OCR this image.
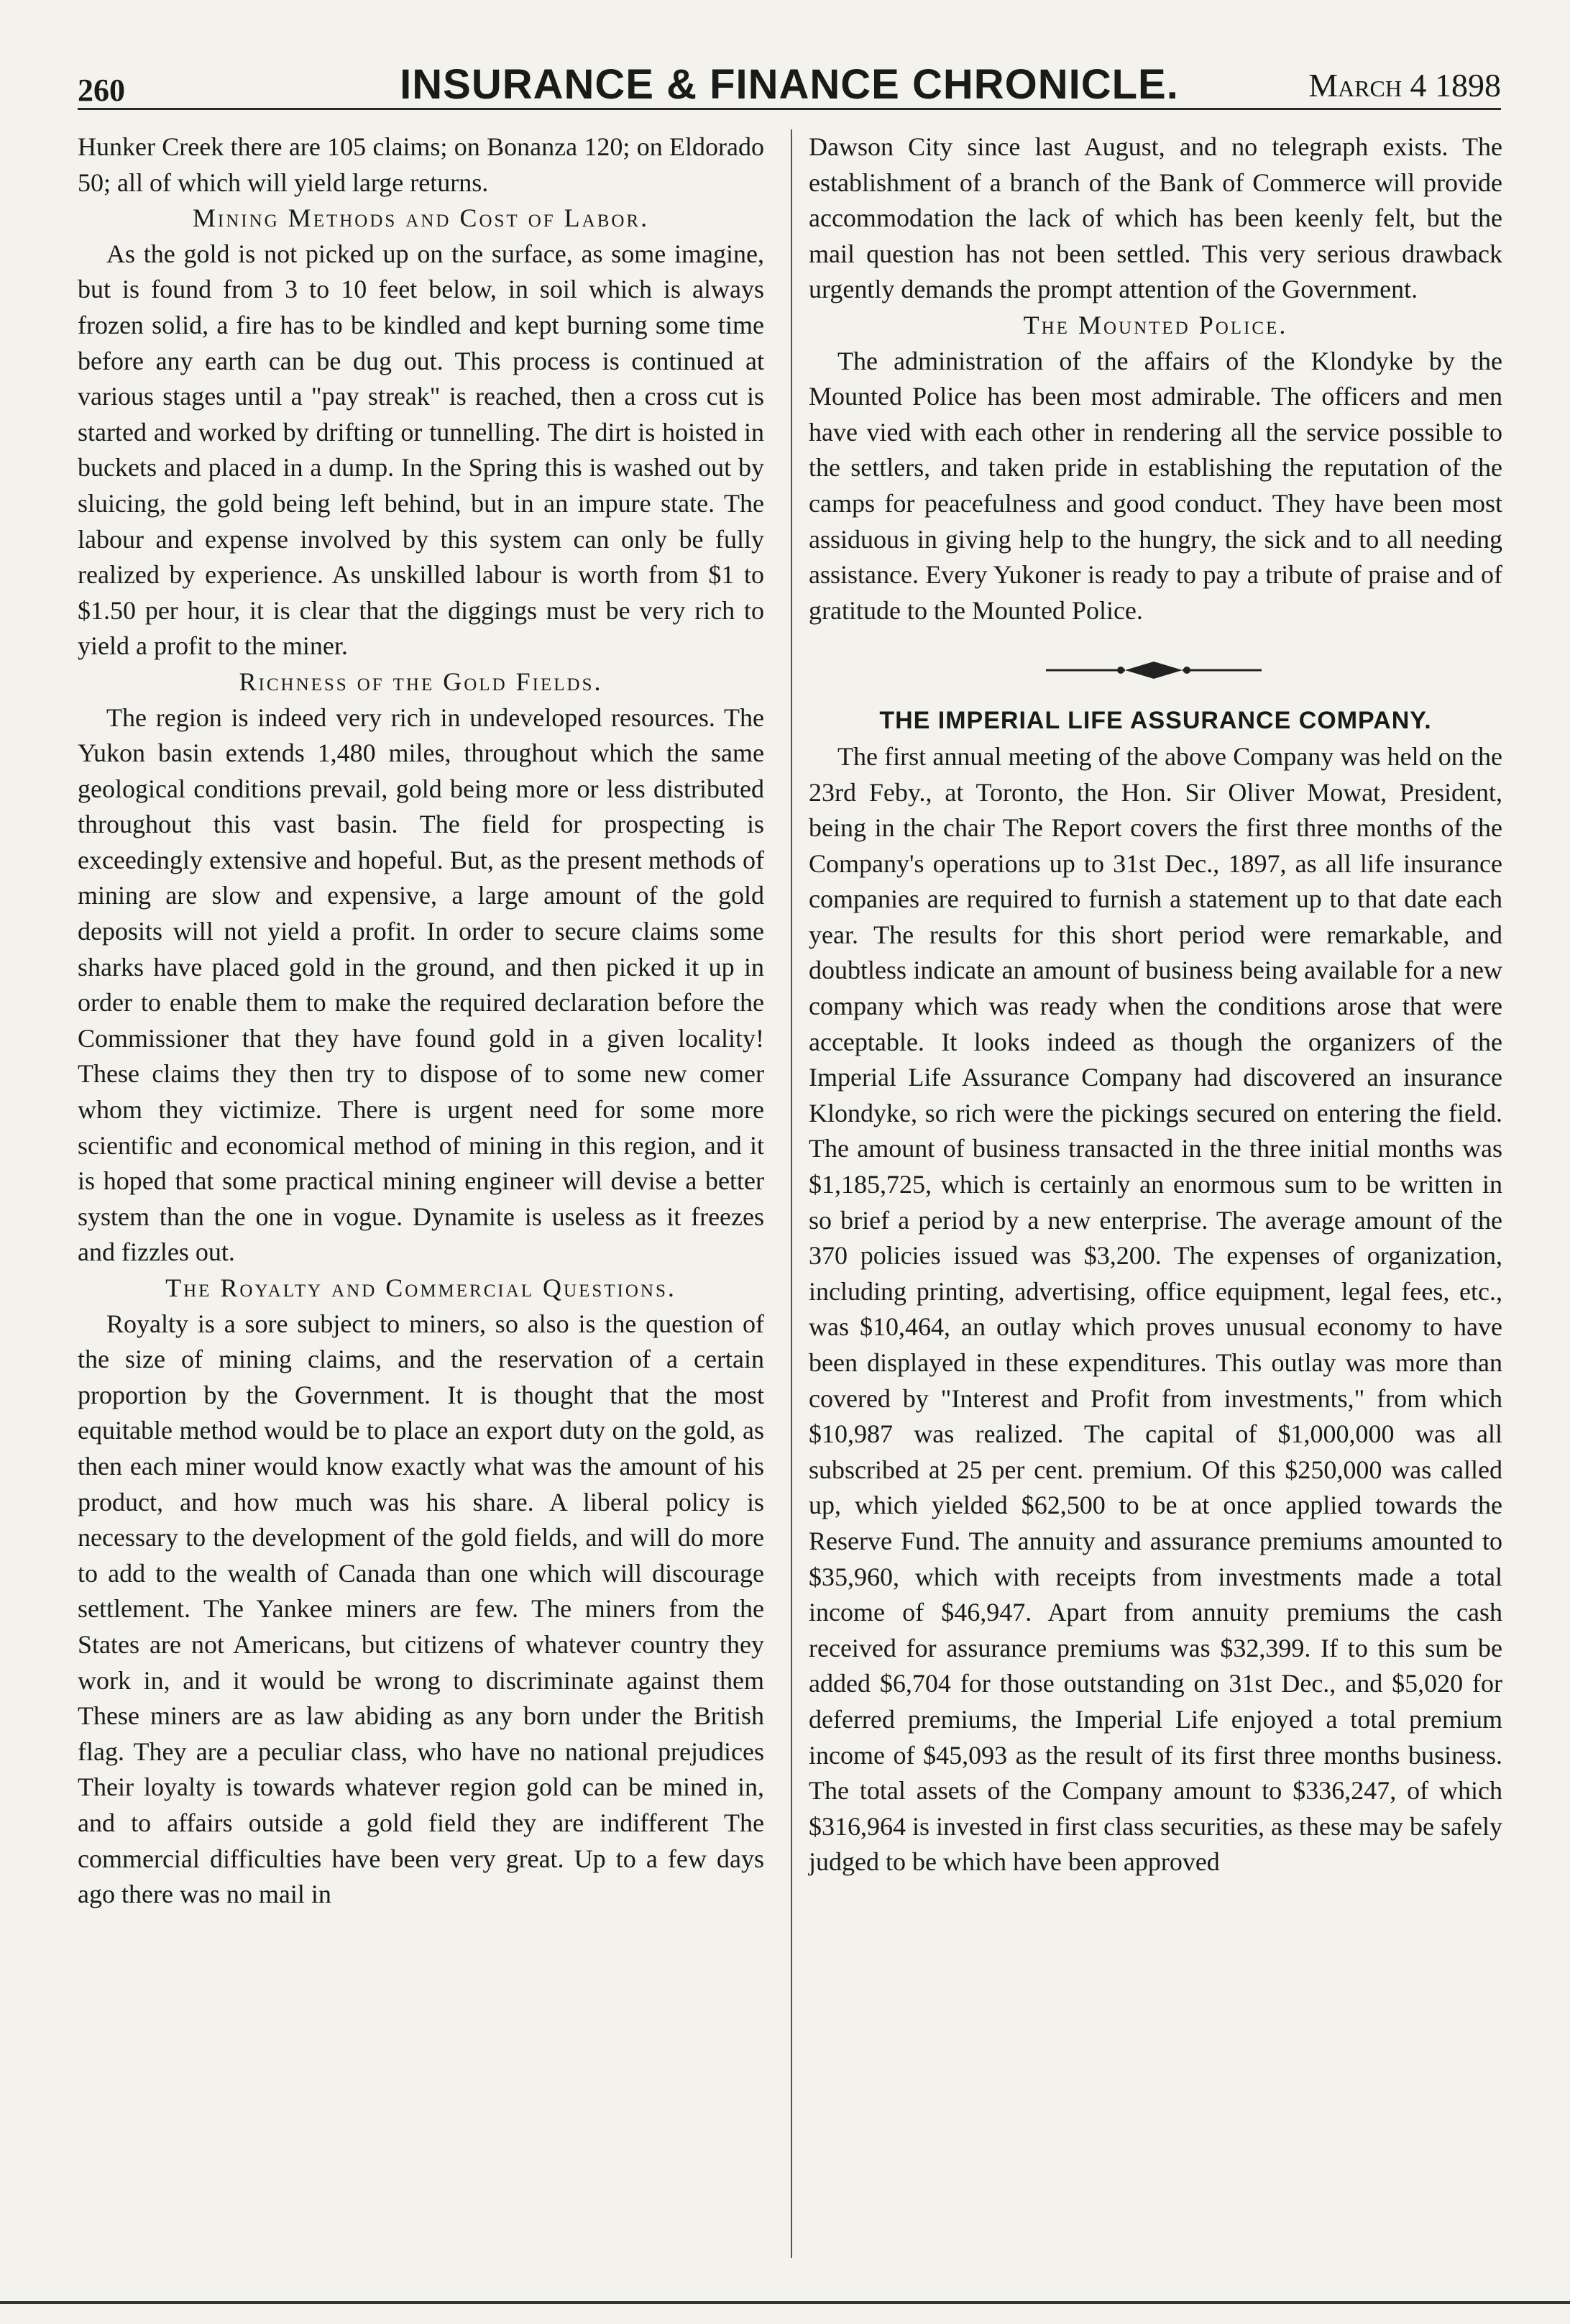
260	INSURANCE & FINANCE CHRONICLE.	March 4 1898

Hunker Creek there are 105 claims; on Bonanza 120; on Eldorado 50; all of which will yield large returns.

Mining Methods and Cost of Labor.

As the gold is not picked up on the surface, as some imagine, but is found from 3 to 10 feet below, in soil which is always frozen solid, a fire has to be kindled and kept burning some time before any earth can be dug out. This process is continued at various stages until a "pay streak" is reached, then a cross cut is started and worked by drifting or tunnelling. The dirt is hoisted in buckets and placed in a dump. In the Spring this is washed out by sluicing, the gold being left behind, but in an impure state. The labour and expense involved by this system can only be fully realized by experience. As unskilled labour is worth from $1 to $1.50 per hour, it is clear that the diggings must be very rich to yield a profit to the miner.

Richness of the Gold Fields.

The region is indeed very rich in undeveloped resources. The Yukon basin extends 1,480 miles, throughout which the same geological conditions prevail, gold being more or less distributed throughout this vast basin. The field for prospecting is exceedingly extensive and hopeful. But, as the present methods of mining are slow and expensive, a large amount of the gold deposits will not yield a profit. In order to secure claims some sharks have placed gold in the ground, and then picked it up in order to enable them to make the required declaration before the Commissioner that they have found gold in a given locality! These claims they then try to dispose of to some new comer whom they victimize. There is urgent need for some more scientific and economical method of mining in this region, and it is hoped that some practical mining engineer will devise a better system than the one in vogue. Dynamite is useless as it freezes and fizzles out.

The Royalty and Commercial Questions.

Royalty is a sore subject to miners, so also is the question of the size of mining claims, and the reservation of a certain proportion by the Government. It is thought that the most equitable method would be to place an export duty on the gold, as then each miner would know exactly what was the amount of his product, and how much was his share. A liberal policy is necessary to the development of the gold fields, and will do more to add to the wealth of Canada than one which will discourage settlement. The Yankee miners are few. The miners from the States are not Americans, but citizens of whatever country they work in, and it would be wrong to discriminate against them These miners are as law abiding as any born under the British flag. They are a peculiar class, who have no national prejudices Their loyalty is towards whatever region gold can be mined in, and to affairs outside a gold field they are indifferent The commercial difficulties have been very great. Up to a few days ago there was no mail in

Dawson City since last August, and no telegraph exists. The establishment of a branch of the Bank of Commerce will provide accommodation the lack of which has been keenly felt, but the mail question has not been settled. This very serious drawback urgently demands the prompt attention of the Government.

The Mounted Police.

The administration of the affairs of the Klondyke by the Mounted Police has been most admirable. The officers and men have vied with each other in rendering all the service possible to the settlers, and taken pride in establishing the reputation of the camps for peacefulness and good conduct. They have been most assiduous in giving help to the hungry, the sick and to all needing assistance. Every Yukoner is ready to pay a tribute of praise and of gratitude to the Mounted Police.

THE IMPERIAL LIFE ASSURANCE COMPANY.

The first annual meeting of the above Company was held on the 23rd Feby., at Toronto, the Hon. Sir Oliver Mowat, President, being in the chair The Report covers the first three months of the Company's operations up to 31st Dec., 1897, as all life insurance companies are required to furnish a statement up to that date each year. The results for this short period were remarkable, and doubtless indicate an amount of business being available for a new company which was ready when the conditions arose that were acceptable. It looks indeed as though the organizers of the Imperial Life Assurance Company had discovered an insurance Klondyke, so rich were the pickings secured on entering the field. The amount of business transacted in the three initial months was $1,185,725, which is certainly an enormous sum to be written in so brief a period by a new enterprise. The average amount of the 370 policies issued was $3,200. The expenses of organization, including printing, advertising, office equipment, legal fees, etc., was $10,464, an outlay which proves unusual economy to have been displayed in these expenditures. This outlay was more than covered by "Interest and Profit from investments," from which $10,987 was realized. The capital of $1,000,000 was all subscribed at 25 per cent. premium. Of this $250,000 was called up, which yielded $62,500 to be at once applied towards the Reserve Fund. The annuity and assurance premiums amounted to $35,960, which with receipts from investments made a total income of $46,947. Apart from annuity premiums the cash received for assurance premiums was $32,399. If to this sum be added $6,704 for those outstanding on 31st Dec., and $5,020 for deferred premiums, the Imperial Life enjoyed a total premium income of $45,093 as the result of its first three months business. The total assets of the Company amount to $336,247, of which $316,964 is invested in first class securities, as these may be safely judged to be which have been approved
